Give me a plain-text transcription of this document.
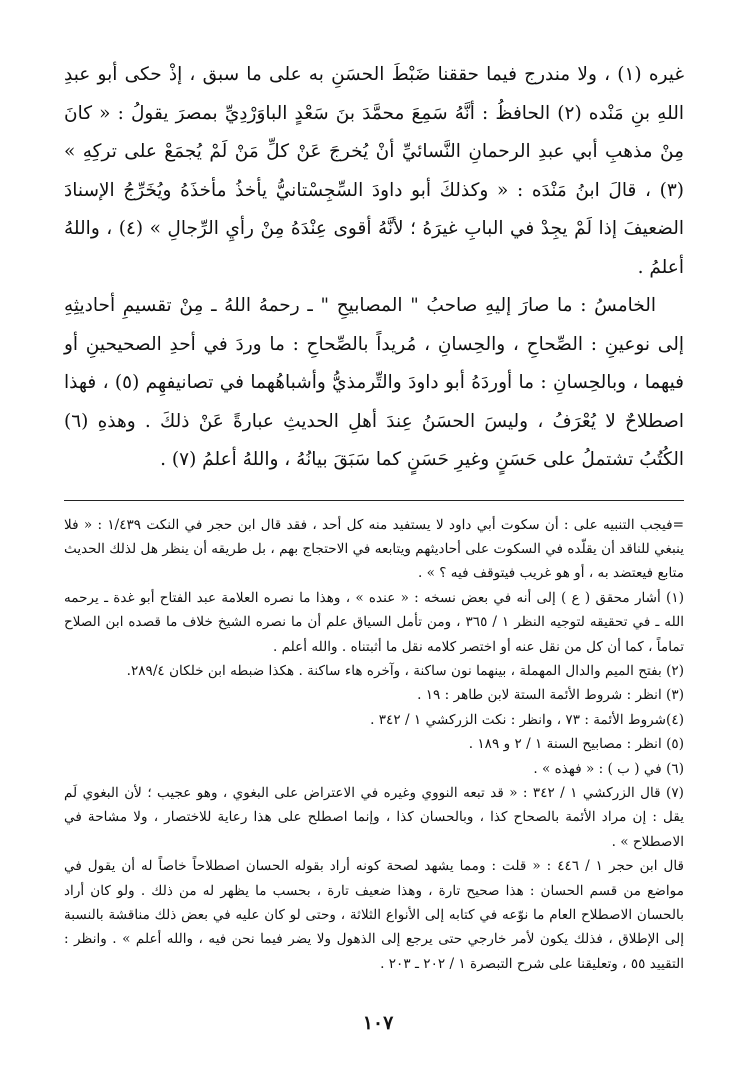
غيره (١) ، ولا مندرج فيما حققنا ضَبْطَ الحسَنِ به على ما سبق ، إذْ حكى أبو عبدِ اللهِ بنِ مَنْده (٢) الحافظُ : أنَّهُ سَمِعَ محمَّدَ بنَ سَعْدٍ الباوَرْدِيِّ بمصرَ يقولُ : « كانَ مِنْ مذهبِ أبي عبدِ الرحمانِ النَّسائيِّ أنْ يُخرجَ عَنْ كلِّ مَنْ لَمْ يُجمَعْ على تركِهِ » (٣) ، قالَ ابنُ مَنْدَه : « وكذلكَ أبو داودَ السِّجِسْتانيُّ يأخذُ مأخذَهُ ويُخَرِّجُ الإسنادَ الضعيفَ إذا لَمْ يجِدْ في البابِ غيرَهُ ؛ لأنَّهُ أقوى عِنْدَهُ مِنْ رأيِ الرِّجالِ » (٤) ، واللهُ أعلمُ .

الخامسُ : ما صارَ إليهِ صاحبُ " المصابيحِ " ـ رحمهُ اللهُ ـ مِنْ تقسيمِ أحاديثِهِ إلى نوعينِ : الصِّحاحِ ، والحِسانِ ، مُريداً بالصِّحاحِ : ما وردَ في أحدِ الصحيحينِ أو فيهما ، وبالحِسانِ : ما أوردَهُ أبو داودَ والتِّرمذيُّ وأشباهُهما في تصانيفهِم (٥) ، فهذا اصطلاحٌ لا يُعْرَفُ ، وليسَ الحسَنُ عِندَ أهلِ الحديثِ عبارةً عَنْ ذلكَ . وهذهِ (٦) الكُتُبُ تشتملُ على حَسَنٍ وغيرِ حَسَنٍ كما سَبَقَ بيانُهُ ، واللهُ أعلمُ (٧) .

=فيجب التنبيه على : أن سكوت أبي داود لا يستفيد منه كل أحد ، فقد قال ابن حجر في النكت ١/٤٣٩ : « فلا ينبغي للناقد أن يقلّده في السكوت على أحاديثهم ويتابعه في الاحتجاج بهم ، بل طريقه أن ينظر هل لذلك الحديث متابع فيعتضد به ، أو هو غريب فيتوقف فيه ؟ » .

(١) أشار محقق ( ع ) إلى أنه في بعض نسخه : « عنده » ، وهذا ما نصره العلامة عبد الفتاح أبو غدة ـ يرحمه الله ـ في تحقيقه لتوجيه النظر ١ / ٣٦٥ ، ومن تأمل السياق علم أن ما نصره الشيخ خلاف ما قصده ابن الصلاح تماماً ، كما أن كل من نقل عنه أو اختصر كلامه نقل ما أثبتناه . والله أعلم .

(٢) بفتح الميم والدال المهملة ، بينهما نون ساكنة ، وآخره هاء ساكنة . هكذا ضبطه ابن خلكان ٢٨٩/٤.

(٣) انظر : شروط الأئمة الستة لابن طاهر : ١٩ .

(٤)شروط الأئمة : ٧٣ ، وانظر : نكت الزركشي ١ / ٣٤٢ .

(٥) انظر : مصابيح السنة ١ / ٢ و ١٨٩ .

(٦) في ( ب ) : « فهذه » .

(٧) قال الزركشي ١ / ٣٤٢ : « قد تبعه النووي وغيره في الاعتراض على البغوي ، وهو عجيب ؛ لأن البغوي لَم يقل : إن مراد الأئمة بالصحاح كذا ، وبالحسان كذا ، وإنما اصطلح على هذا رعاية للاختصار ، ولا مشاحة في الاصطلاح » .

قال ابن حجر ١ / ٤٤٦ : « قلت : ومما يشهد لصحة كونه أراد بقوله الحسان اصطلاحاً خاصاً له أن يقول في مواضع من قسم الحسان : هذا صحيح تارة ، وهذا ضعيف تارة ، بحسب ما يظهر له من ذلك . ولو كان أراد بالحسان الاصطلاح العام ما نوّعه في كتابه إلى الأنواع الثلاثة ، وحتى لو كان عليه في بعض ذلك مناقشة بالنسبة إلى الإطلاق ، فذلك يكون لأمر خارجي حتى يرجع إلى الذهول ولا يضر فيما نحن فيه ، والله أعلم » . وانظر : التقييد ٥٥ ، وتعليقنا على شرح التبصرة ١ / ٢٠٢ ـ ٢٠٣ .

١٠٧
